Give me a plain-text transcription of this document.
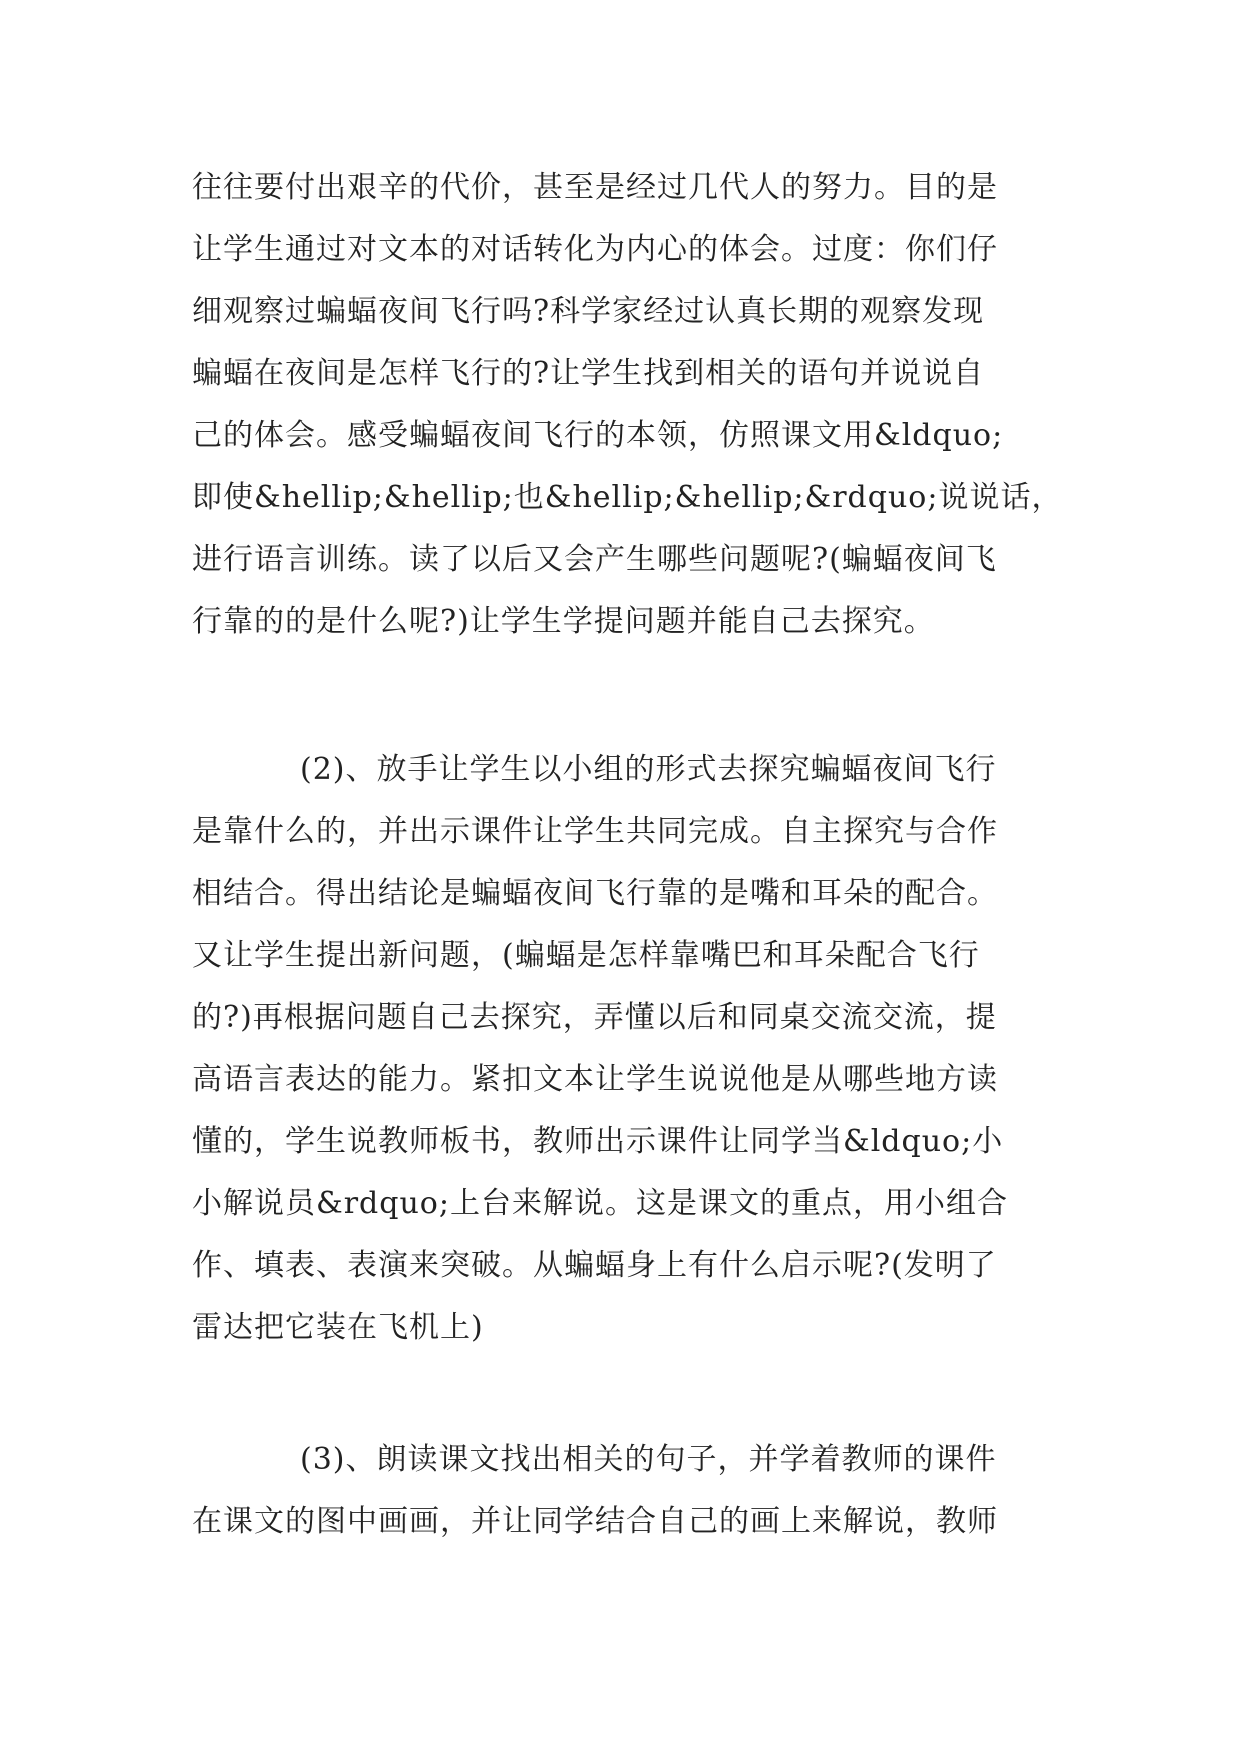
往往要付出艰辛的代价，甚至是经过几代人的努力。目的是
让学生通过对文本的对话转化为内心的体会。过度：你们仔
细观察过蝙蝠夜间飞行吗?科学家经过认真长期的观察发现
蝙蝠在夜间是怎样飞行的?让学生找到相关的语句并说说自
己的体会。感受蝙蝠夜间飞行的本领，仿照课文用&ldquo;
即使&hellip;&hellip;也&hellip;&hellip;&rdquo;说说话，
进行语言训练。读了以后又会产生哪些问题呢?(蝙蝠夜间飞
行靠的的是什么呢?)让学生学提问题并能自己去探究。

(2)、放手让学生以小组的形式去探究蝙蝠夜间飞行
是靠什么的，并出示课件让学生共同完成。自主探究与合作
相结合。得出结论是蝙蝠夜间飞行靠的是嘴和耳朵的配合。
又让学生提出新问题，(蝙蝠是怎样靠嘴巴和耳朵配合飞行
的?)再根据问题自己去探究，弄懂以后和同桌交流交流，提
高语言表达的能力。紧扣文本让学生说说他是从哪些地方读
懂的，学生说教师板书，教师出示课件让同学当&ldquo;小
小解说员&rdquo;上台来解说。这是课文的重点，用小组合
作、填表、表演来突破。从蝙蝠身上有什么启示呢?(发明了
雷达把它装在飞机上)

(3)、朗读课文找出相关的句子，并学着教师的课件
在课文的图中画画，并让同学结合自己的画上来解说，教师
